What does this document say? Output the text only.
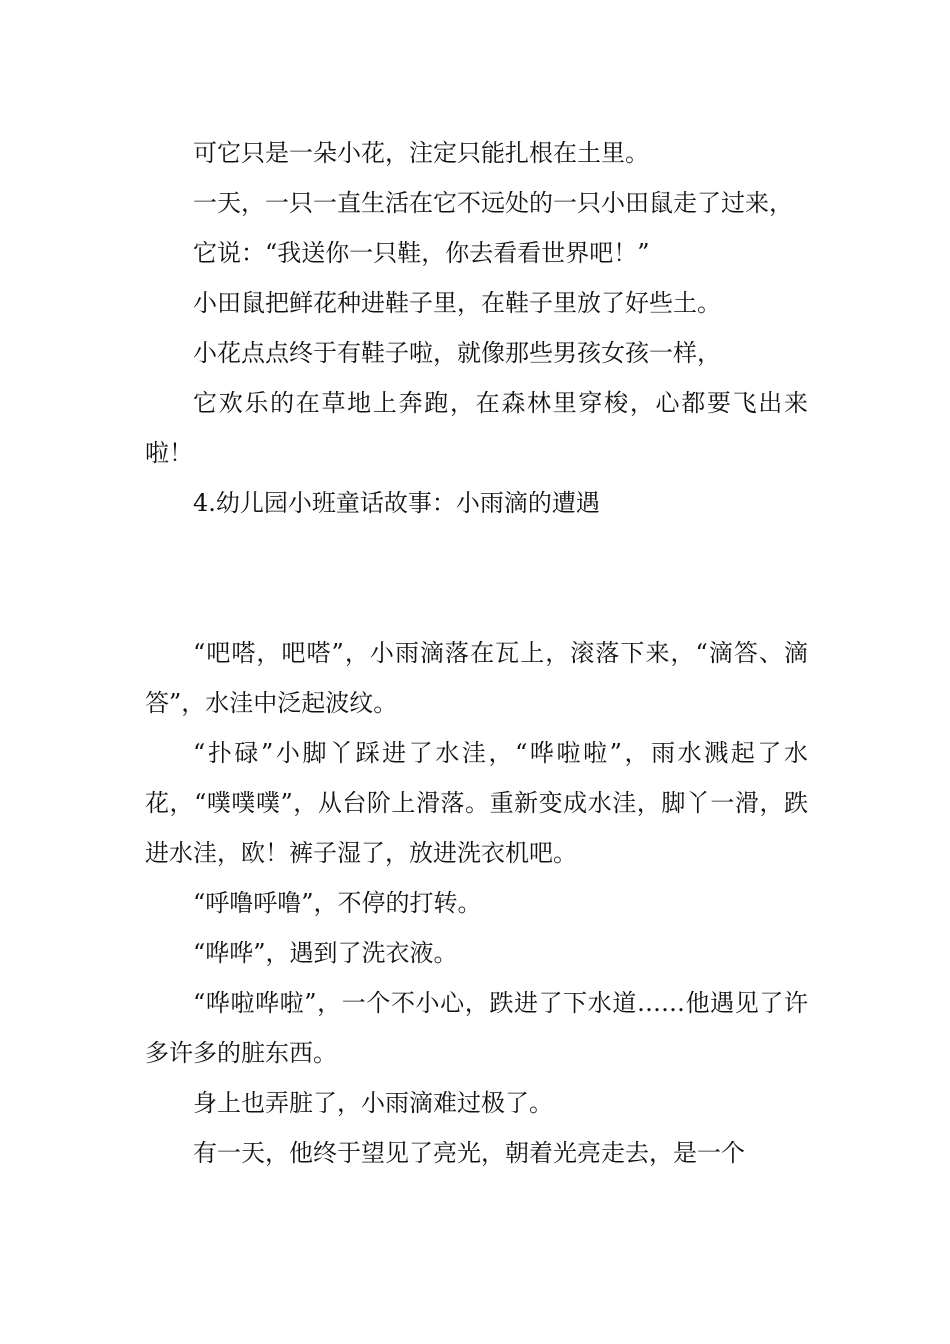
可它只是一朵小花，注定只能扎根在土里。

一天，一只一直生活在它不远处的一只小田鼠走了过来，

它说：“我送你一只鞋，你去看看世界吧！”

小田鼠把鲜花种进鞋子里，在鞋子里放了好些土。

小花点点终于有鞋子啦，就像那些男孩女孩一样，

它欢乐的在草地上奔跑，在森林里穿梭，心都要飞出来啦！

4.幼儿园小班童话故事：小雨滴的遭遇

“吧嗒，吧嗒”，小雨滴落在瓦上，滚落下来，“滴答、滴答”，水洼中泛起波纹。

“扑碌”小脚丫踩进了水洼，“哗啦啦”，雨水溅起了水花，“噗噗噗”，从台阶上滑落。重新变成水洼，脚丫一滑，跌进水洼，欧！裤子湿了，放进洗衣机吧。

“呼噜呼噜”，不停的打转。

“哗哗”，遇到了洗衣液。

“哗啦哗啦”，一个不小心，跌进了下水道……他遇见了许多许多的脏东西。

身上也弄脏了，小雨滴难过极了。

有一天，他终于望见了亮光，朝着光亮走去，是一个
